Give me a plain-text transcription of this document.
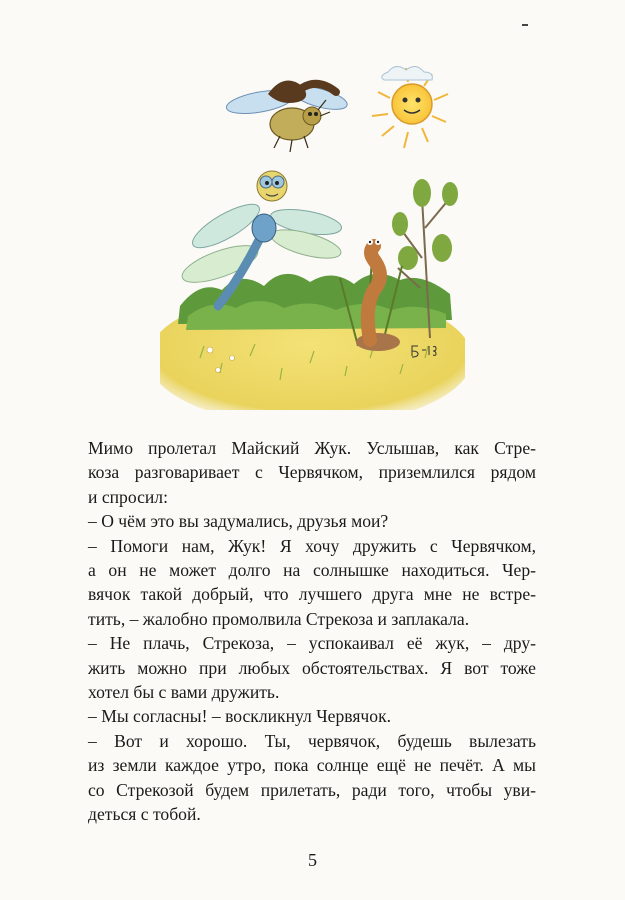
Мимо пролетал Майский Жук. Услышав, как Стре-
коза разговаривает с Червячком, приземлился рядом
и спросил:
– О чём это вы задумались, друзья мои?
– Помоги нам, Жук! Я хочу дружить с Червячком,
а он не может долго на солнышке находиться. Чер-
вячок такой добрый, что лучшего друга мне не встре-
тить, – жалобно промолвила Стрекоза и заплакала.
– Не плачь, Стрекоза, – успокаивал её жук, – дру-
жить можно при любых обстоятельствах. Я вот тоже
хотел бы с вами дружить.
– Мы согласны! – воскликнул Червячок.
– Вот и хорошо. Ты, червячок, будешь вылезать
из земли каждое утро, пока солнце ещё не печёт. А мы
со Стрекозой будем прилетать, ради того, чтобы уви-
деться с тобой.
5
